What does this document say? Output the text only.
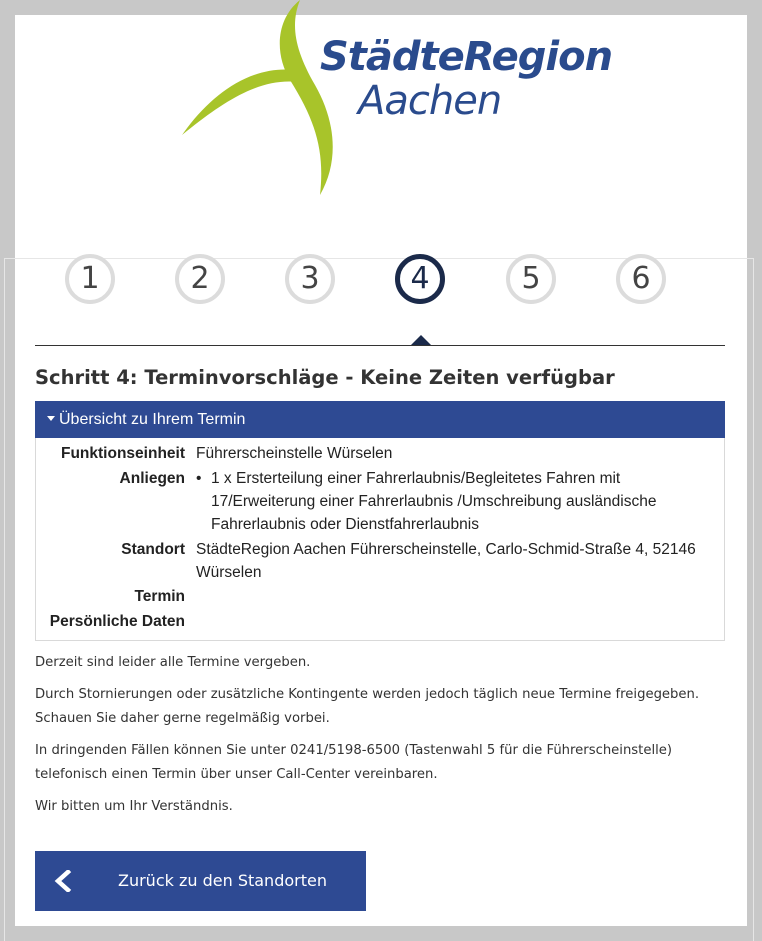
StädteRegion
Aachen
1	2	3	4	5	6
Schritt 4: Terminvorschläge - Keine Zeiten verfügbar
Übersicht zu Ihrem Termin
Funktionseinheit Führerscheinstelle Würselen
Anliegen • 1 x Ersterteilung einer Fahrerlaubnis/Begleitetes Fahren mit 17/Erweiterung einer Fahrerlaubnis /Umschreibung ausländische Fahrerlaubnis oder Dienstfahrerlaubnis
Standort StädteRegion Aachen Führerscheinstelle, Carlo-Schmid-Straße 4, 52146 Würselen
Termin
Persönliche Daten

Derzeit sind leider alle Termine vergeben.

Durch Stornierungen oder zusätzliche Kontingente werden jedoch täglich neue Termine freigegeben. Schauen Sie daher gerne regelmäßig vorbei.

In dringenden Fällen können Sie unter 0241/5198-6500 (Tastenwahl 5 für die Führerscheinstelle) telefonisch einen Termin über unser Call-Center vereinbaren.

Wir bitten um Ihr Verständnis.

Zurück zu den Standorten
